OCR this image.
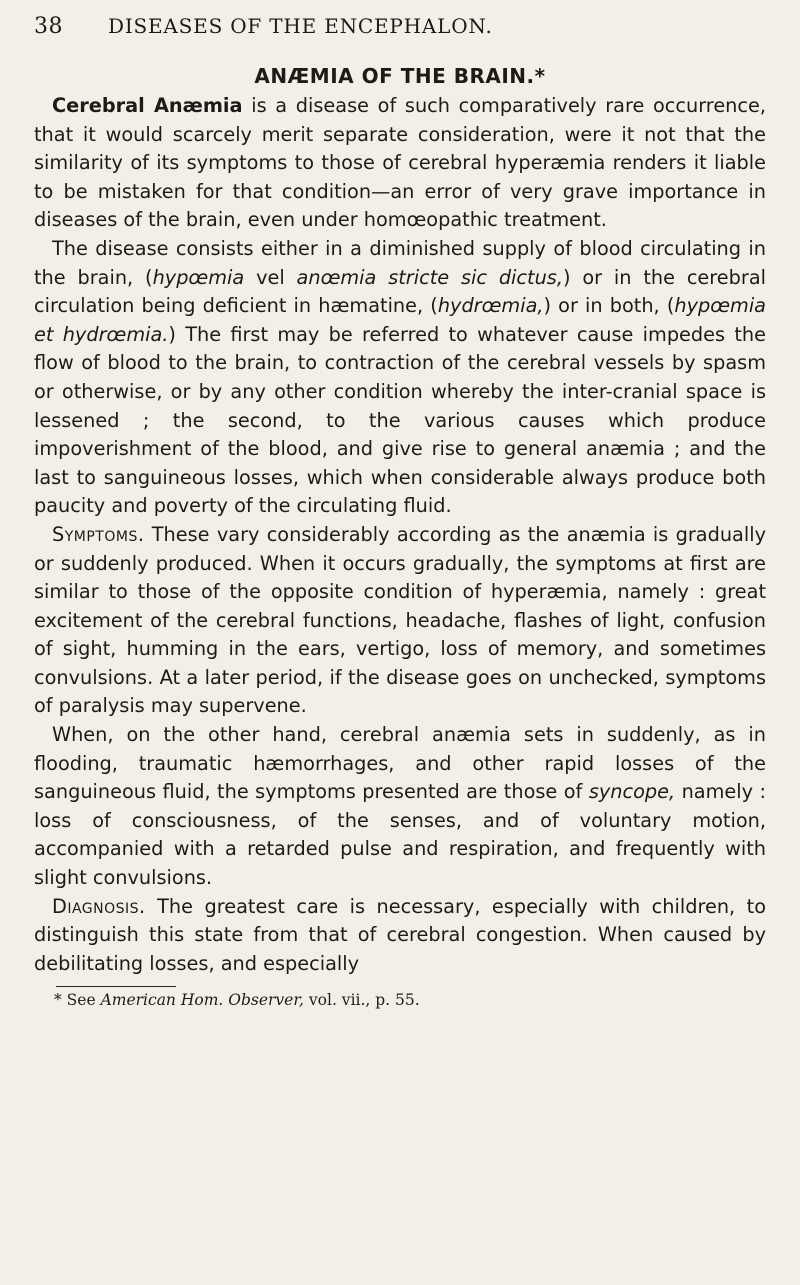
38	DISEASES OF THE ENCEPHALON.
ANÆMIA OF THE BRAIN.*

Cerebral Anæmia is a disease of such comparatively rare occurrence, that it would scarcely merit separate consideration, were it not that the similarity of its symptoms to those of cerebral hyperæmia renders it liable to be mistaken for that condition—an error of very grave importance in diseases of the brain, even under homœopathic treatment.

The disease consists either in a diminished supply of blood circulating in the brain, (hypœmia vel anœmia stricte sic dictus,) or in the cerebral circulation being deficient in hæmatine, (hydrœmia,) or in both, (hypœmia et hydrœmia.) The first may be referred to whatever cause impedes the flow of blood to the brain, to contraction of the cerebral vessels by spasm or otherwise, or by any other condition whereby the inter-cranial space is lessened ; the second, to the various causes which produce impoverishment of the blood, and give rise to general anæmia ; and the last to sanguineous losses, which when considerable always produce both paucity and poverty of the circulating fluid.

Symptoms. These vary considerably according as the anæmia is gradually or suddenly produced. When it occurs gradually, the symptoms at first are similar to those of the opposite condition of hyperæmia, namely : great excitement of the cerebral functions, headache, flashes of light, confusion of sight, humming in the ears, vertigo, loss of memory, and sometimes convulsions. At a later period, if the disease goes on unchecked, symptoms of paralysis may supervene.

When, on the other hand, cerebral anæmia sets in suddenly, as in flooding, traumatic hæmorrhages, and other rapid losses of the sanguineous fluid, the symptoms presented are those of syncope, namely : loss of consciousness, of the senses, and of voluntary motion, accompanied with a retarded pulse and respiration, and frequently with slight convulsions.

Diagnosis. The greatest care is necessary, especially with children, to distinguish this state from that of cerebral congestion. When caused by debilitating losses, and especially

* See American Hom. Observer, vol. vii., p. 55.
